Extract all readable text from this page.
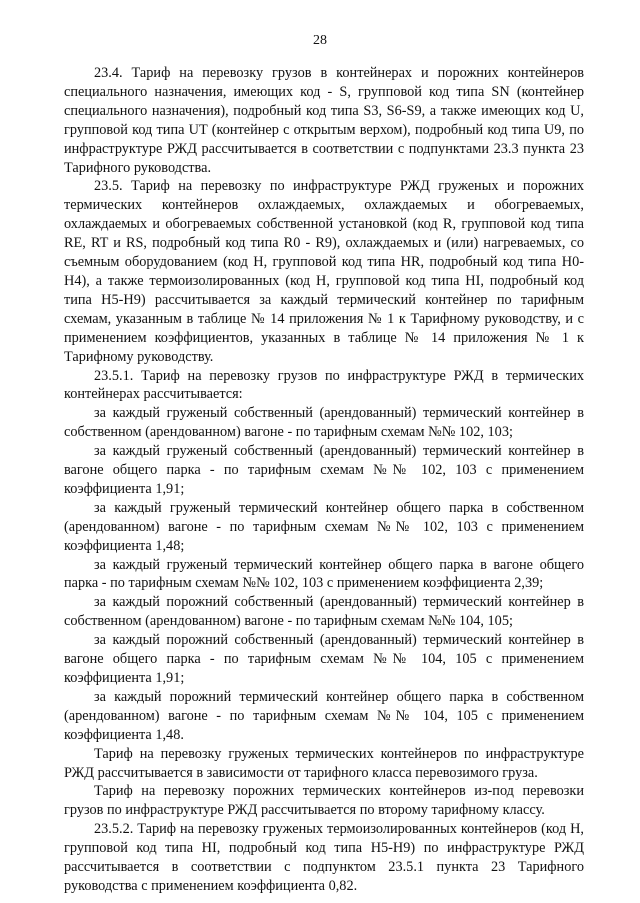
28

23.4. Тариф на перевозку грузов в контейнерах и порожних контейнеров специального назначения, имеющих код - S, групповой код типа SN (контейнер специального назначения), подробный код типа S3, S6-S9, а также имеющих код U, групповой код типа UT (контейнер с открытым верхом), подробный код типа U9, по инфраструктуре РЖД рассчитывается в соответствии с подпунктами 23.3 пункта 23 Тарифного руководства.

23.5. Тариф на перевозку по инфраструктуре РЖД груженых и порожних термических контейнеров охлаждаемых, охлаждаемых и обогреваемых, охлаждаемых и обогреваемых собственной установкой (код R, групповой код типа RE, RT и RS, подробный код типа R0 - R9), охлаждаемых и (или) нагреваемых, со съемным оборудованием (код H, групповой код типа HR, подробный код типа H0-H4), а также термоизолированных (код H, групповой код типа HI, подробный код типа H5-H9) рассчитывается за каждый термический контейнер по тарифным схемам, указанным в таблице № 14 приложения № 1 к Тарифному руководству, и с применением коэффициентов, указанных в таблице № 14 приложения № 1 к Тарифному руководству.

23.5.1. Тариф на перевозку грузов по инфраструктуре РЖД в термических контейнерах рассчитывается:

за каждый груженый собственный (арендованный) термический контейнер в собственном (арендованном) вагоне - по тарифным схемам №№ 102, 103;

за каждый груженый собственный (арендованный) термический контейнер в вагоне общего парка - по тарифным схемам №№ 102, 103 с применением коэффициента 1,91;

за каждый груженый термический контейнер общего парка в собственном (арендованном) вагоне - по тарифным схемам №№ 102, 103 с применением коэффициента 1,48;

за каждый груженый термический контейнер общего парка в вагоне общего парка - по тарифным схемам №№ 102, 103 с применением коэффициента 2,39;

за каждый порожний собственный (арендованный) термический контейнер в собственном (арендованном) вагоне - по тарифным схемам №№ 104, 105;

за каждый порожний собственный (арендованный) термический контейнер в вагоне общего парка - по тарифным схемам №№ 104, 105 с применением коэффициента 1,91;

за каждый порожний термический контейнер общего парка в собственном (арендованном) вагоне - по тарифным схемам №№ 104, 105 с применением коэффициента 1,48.

Тариф на перевозку груженых термических контейнеров по инфраструктуре РЖД рассчитывается в зависимости от тарифного класса перевозимого груза.

Тариф на перевозку порожних термических контейнеров из-под перевозки грузов по инфраструктуре РЖД рассчитывается по второму тарифному классу.

23.5.2. Тариф на перевозку груженых термоизолированных контейнеров (код H, групповой код типа HI, подробный код типа H5-H9) по инфраструктуре РЖД рассчитывается в соответствии с подпунктом 23.5.1 пункта 23 Тарифного руководства с применением коэффициента 0,82.
